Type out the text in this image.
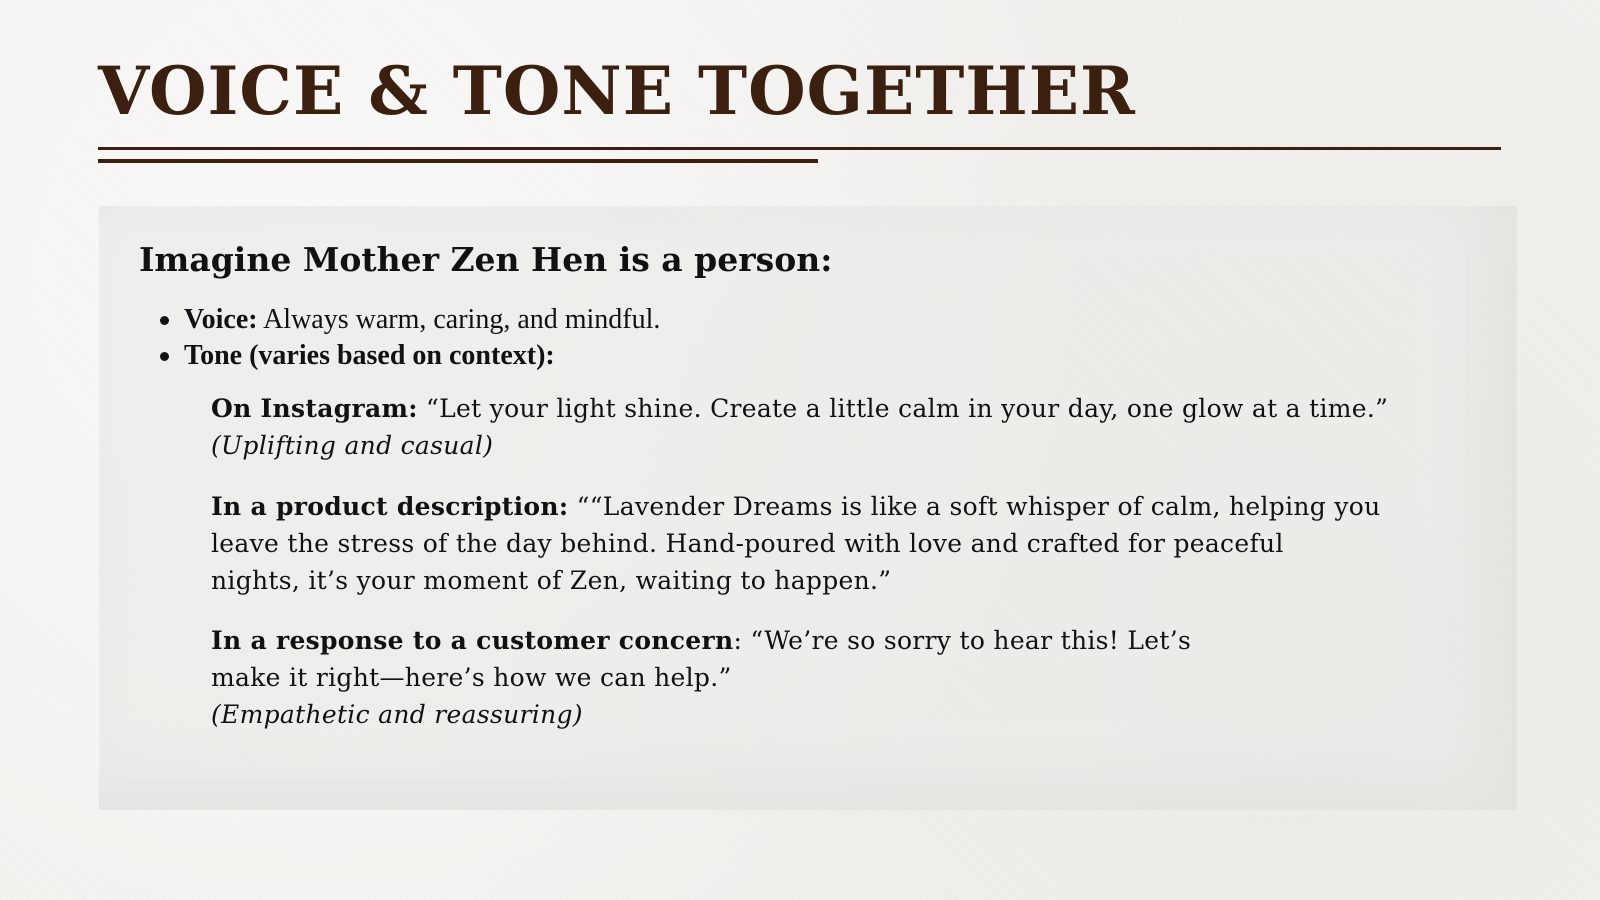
VOICE & TONE TOGETHER
Imagine Mother Zen Hen is a person:
Voice: Always warm, caring, and mindful.
Tone (varies based on context):
On Instagram: “Let your light shine. Create a little calm in your day, one glow at a time.”
(Uplifting and casual)
In a product description: ““Lavender Dreams is like a soft whisper of calm, helping you
leave the stress of the day behind. Hand-poured with love and crafted for peaceful
nights, it’s your moment of Zen, waiting to happen.”
In a response to a customer concern: “We’re so sorry to hear this! Let’s
make it right—here’s how we can help.”
(Empathetic and reassuring)
